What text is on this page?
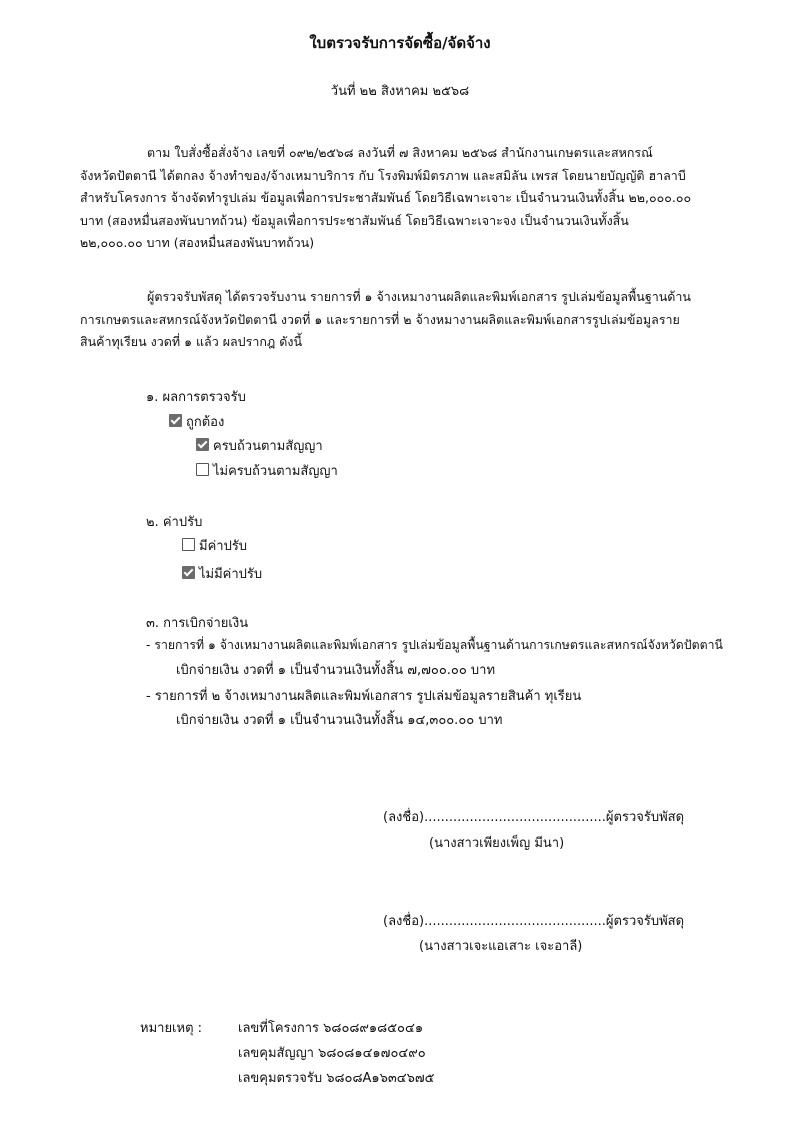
ใบตรวจรับการจัดซื้อ/จัดจ้าง
วันที่ ๒๒ สิงหาคม ๒๕๖๘
ตาม ใบสั่งซื้อสั่งจ้าง เลขที่ ๐๙๒/๒๕๖๘ ลงวันที่ ๗ สิงหาคม ๒๕๖๘ สำนักงานเกษตรและสหกรณ์
จังหวัดปัตตานี ได้ตกลง จ้างทำของ/จ้างเหมาบริการ กับ โรงพิมพ์มิตรภาพ และสมิลัน เพรส โดยนายบัญญัติ ฮาลาบี
สำหรับโครงการ จ้างจัดทำรูปเล่ม ข้อมูลเพื่อการประชาสัมพันธ์ โดยวิธีเฉพาะเจาะ เป็นจำนวนเงินทั้งสิ้น ๒๒,๐๐๐.๐๐
บาท (สองหมื่นสองพันบาทถ้วน) ข้อมูลเพื่อการประชาสัมพันธ์ โดยวิธีเฉพาะเจาะจง เป็นจำนวนเงินทั้งสิ้น
๒๒,๐๐๐.๐๐ บาท (สองหมื่นสองพันบาทถ้วน)
ผู้ตรวจรับพัสดุ ได้ตรวจรับงาน รายการที่ ๑ จ้างเหมางานผลิตและพิมพ์เอกสาร รูปเล่มข้อมูลพื้นฐานด้าน
การเกษตรและสหกรณ์จังหวัดปัตตานี งวดที่ ๑ และรายการที่ ๒ จ้างหมางานผลิตและพิมพ์เอกสารรูปเล่มข้อมูลราย
สินค้าทุเรียน งวดที่ ๑ แล้ว ผลปรากฎ ดังนี้
๑. ผลการตรวจรับ
ถูกต้อง
ครบถ้วนตามสัญญา
ไม่ครบถ้วนตามสัญญา
๒. ค่าปรับ
มีค่าปรับ
ไม่มีค่าปรับ
๓. การเบิกจ่ายเงิน
- รายการที่ ๑ จ้างเหมางานผลิตและพิมพ์เอกสาร รูปเล่มข้อมูลพื้นฐานด้านการเกษตรและสหกรณ์จังหวัดปัตตานี
เบิกจ่ายเงิน งวดที่ ๑ เป็นจำนวนเงินทั้งสิ้น ๗,๗๐๐.๐๐ บาท
- รายการที่ ๒ จ้างเหมางานผลิตและพิมพ์เอกสาร รูปเล่มข้อมูลรายสินค้า ทุเรียน
เบิกจ่ายเงิน งวดที่ ๑ เป็นจำนวนเงินทั้งสิ้น ๑๔,๓๐๐.๐๐ บาท
(ลงชื่อ)............................................ผู้ตรวจรับพัสดุ
(นางสาวเพียงเพ็ญ มีนา)
(ลงชื่อ)............................................ผู้ตรวจรับพัสดุ
(นางสาวเจะแอเสาะ เจะอาลี)
หมายเหตุ :	เลขที่โครงการ ๖๘๐๘๙๑๘๕๐๔๑
เลขคุมสัญญา ๖๘๐๘๑๔๑๗๐๔๙๐
เลขคุมตรวจรับ ๖๘๐๘A๑๖๓๔๖๗๕
